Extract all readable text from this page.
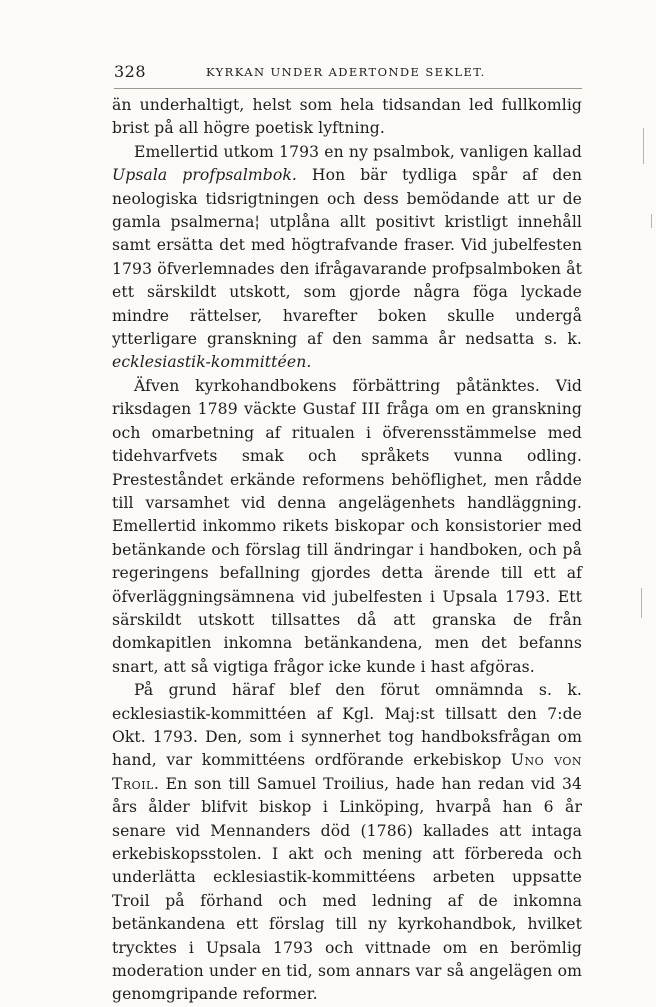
328	KYRKAN UNDER ADERTONDE SEKLET.

än underhaltigt, helst som hela tidsandan led fullkomlig brist på all högre poetisk lyftning.

Emellertid utkom 1793 en ny psalmbok, vanligen kallad Upsala profpsalmbok. Hon bär tydliga spår af den neologiska tidsrigtningen och dess bemödande att ur de gamla psalmerna¦ utplåna allt positivt kristligt innehåll samt ersätta det med högtrafvande fraser. Vid jubelfesten 1793 öfverlemnades den ifrågavarande profpsalmboken åt ett särskildt utskott, som gjorde några föga lyckade mindre rättelser, hvarefter boken skulle undergå ytterligare granskning af den samma år nedsatta s. k. ecklesiastik-kommittéen.

Äfven kyrkohandbokens förbättring påtänktes. Vid riksdagen 1789 väckte Gustaf III fråga om en granskning och omarbetning af ritualen i öfverensstämmelse med tidehvarfvets smak och språkets vunna odling. Presteståndet erkände reformens behöflighet, men rådde till varsamhet vid denna angelägenhets handläggning. Emellertid inkommo rikets biskopar och konsistorier med betänkande och förslag till ändringar i handboken, och på regeringens befallning gjordes detta ärende till ett af öfverläggningsämnena vid jubelfesten i Upsala 1793. Ett särskildt utskott tillsattes då att granska de från domkapitlen inkomna betänkandena, men det befanns snart, att så vigtiga frågor icke kunde i hast afgöras.

På grund häraf blef den förut omnämnda s. k. ecklesiastik-kommittéen af Kgl. Maj:st tillsatt den 7:de Okt. 1793. Den, som i synnerhet tog handboksfrågan om hand, var kommittéens ordförande erkebiskop Uno von Troil. En son till Samuel Troilius, hade han redan vid 34 års ålder blifvit biskop i Linköping, hvarpå han 6 år senare vid Mennanders död (1786) kallades att intaga erkebiskopsstolen. I akt och mening att förbereda och underlätta ecklesiastik-kommittéens arbeten uppsatte Troil på förhand och med ledning af de inkomna betänkandena ett förslag till ny kyrkohandbok, hvilket trycktes i Upsala 1793 och vittnade om en berömlig moderation under en tid, som annars var så angelägen om genomgripande reformer.
